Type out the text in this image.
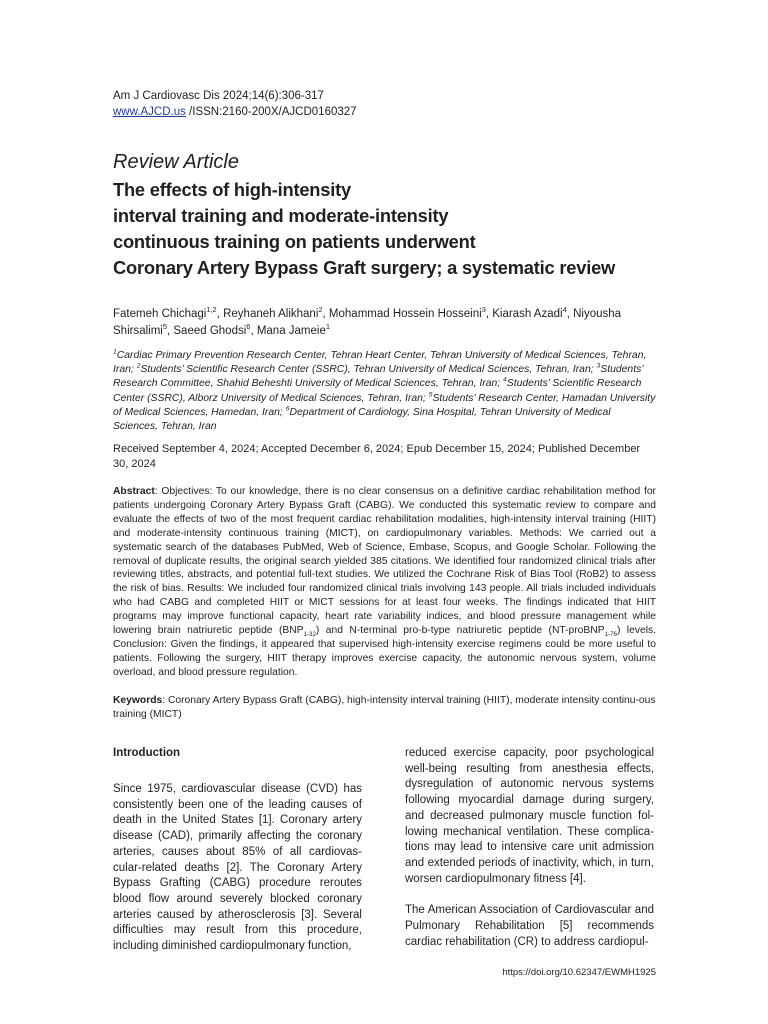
Am J Cardiovasc Dis 2024;14(6):306-317
www.AJCD.us /ISSN:2160-200X/AJCD0160327
Review Article
The effects of high-intensity
interval training and moderate-intensity
continuous training on patients underwent
Coronary Artery Bypass Graft surgery; a systematic review
Fatemeh Chichagi$^{1,2}$, Reyhaneh Alikhani$^2$, Mohammad Hossein Hosseini$^3$, Kiarash Azadi$^4$, Niyousha Shirsalimi$^5$, Saeed Ghodsi$^6$, Mana Jameie$^1$
$^1$Cardiac Primary Prevention Research Center, Tehran Heart Center, Tehran University of Medical Sciences, Tehran, Iran; $^2$Students’ Scientific Research Center (SSRC), Tehran University of Medical Sciences, Tehran, Iran; $^3$Students’ Research Committee, Shahid Beheshti University of Medical Sciences, Tehran, Iran; $^4$Students’ Scientific Research Center (SSRC), Alborz University of Medical Sciences, Tehran, Iran; $^5$Students’ Research Center, Hamadan University of Medical Sciences, Hamedan, Iran; $^6$Department of Cardiology, Sina Hospital, Tehran University of Medical Sciences, Tehran, Iran
Received September 4, 2024; Accepted December 6, 2024; Epub December 15, 2024; Published December 30, 2024
Abstract: Objectives: To our knowledge, there is no clear consensus on a definitive cardiac rehabilitation method for patients undergoing Coronary Artery Bypass Graft (CABG). We conducted this systematic review to compare and evaluate the effects of two of the most frequent cardiac rehabilitation modalities, high-intensity interval training (HIIT) and moderate-intensity continuous training (MICT), on cardiopulmonary variables. Methods: We carried out a systematic search of the databases PubMed, Web of Science, Embase, Scopus, and Google Scholar. Following the removal of duplicate results, the original search yielded 385 citations. We identified four randomized clinical trials after reviewing titles, abstracts, and potential full-text studies. We utilized the Cochrane Risk of Bias Tool (RoB2) to assess the risk of bias. Results: We included four randomized clinical trials involving 143 people. All trials included individuals who had CABG and completed HIIT or MICT sessions for at least four weeks. The findings indicated that HIIT programs may improve functional capacity, heart rate variability indices, and blood pressure management while lowering brain natriuretic peptide $(BNP_{1-32})$ and N-terminal pro-b-type natriuretic peptide (NT-proBNP$_{1-76}$) levels. Conclusion: Given the findings, it appeared that supervised high-intensity exercise regimens could be more useful to patients. Following the surgery, HIIT therapy improves exercise capacity, the autonomic nervous system, volume overload, and blood pressure regulation.
Keywords: Coronary Artery Bypass Graft (CABG), high-intensity interval training (HIIT), moderate intensity continu-ous training (MICT)
Introduction

Since 1975, cardiovascular disease (CVD) has consistently been one of the leading causes of death in the United States [1]. Coronary artery disease (CAD), primarily affecting the coronary arteries, causes about 85% of all cardiovas-cular-related deaths [2]. The Coronary Artery Bypass Grafting (CABG) procedure reroutes blood flow around severely blocked coronary arteries caused by atherosclerosis [3]. Several difficulties may result from this procedure, including diminished cardiopulmonary function,

reduced exercise capacity, poor psychological well-being resulting from anesthesia effects, dysregulation of autonomic nervous systems following myocardial damage during surgery, and decreased pulmonary muscle function fol-lowing mechanical ventilation. These complica-tions may lead to intensive care unit admission and extended periods of inactivity, which, in turn, worsen cardiopulmonary fitness [4].

The American Association of Cardiovascular and Pulmonary Rehabilitation [5] recommends cardiac rehabilitation (CR) to address cardiopul-

https://doi.org/10.62347/EWMH1925
